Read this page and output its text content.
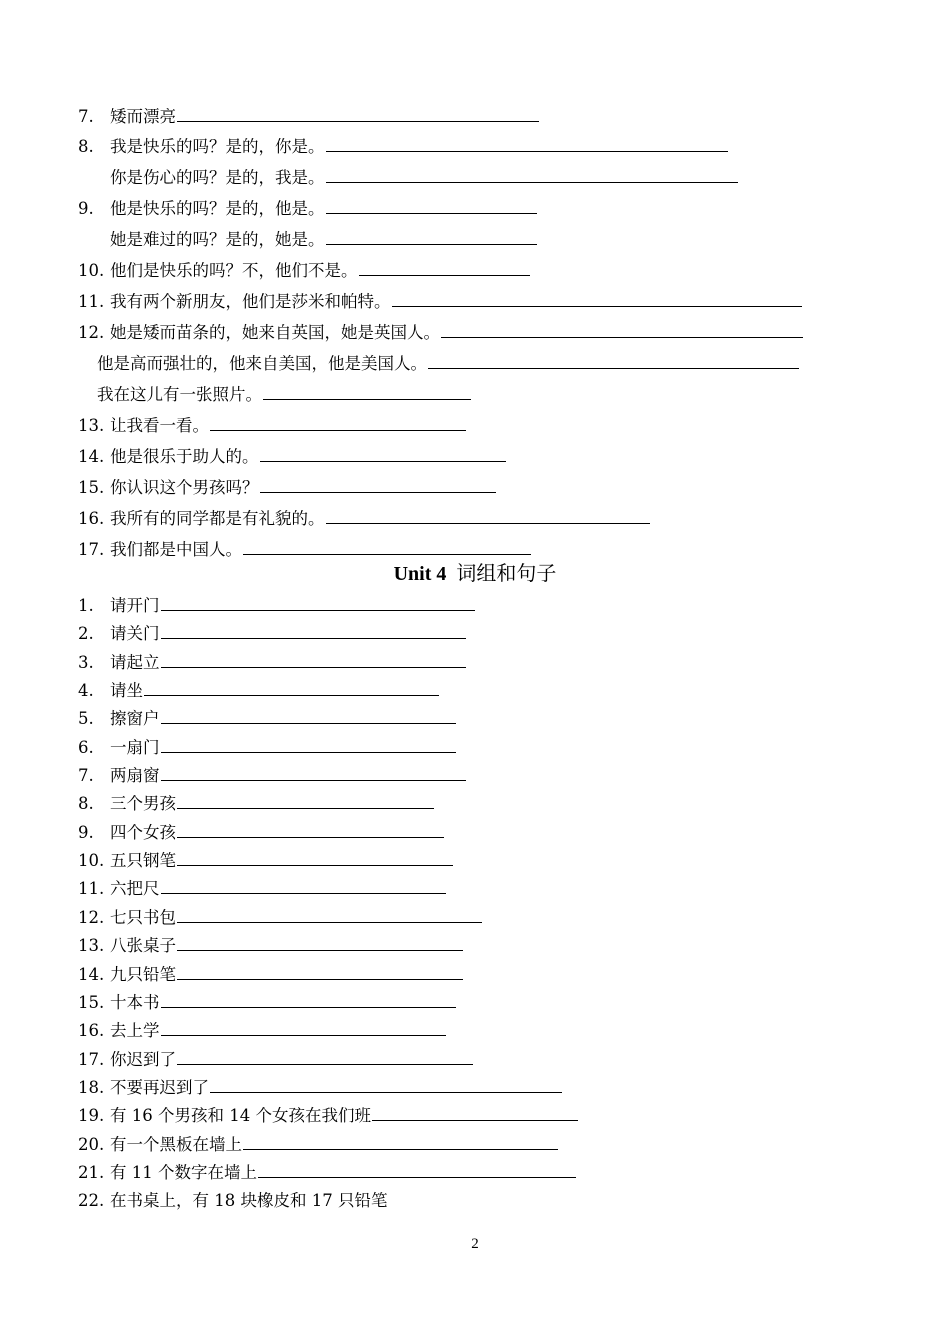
7. 矮而漂亮
8. 我是快乐的吗？是的，你是。
你是伤心的吗？是的，我是。
9. 他是快乐的吗？是的，他是。
她是难过的吗？是的，她是。
10. 他们是快乐的吗？不，他们不是。
11. 我有两个新朋友，他们是莎米和帕特。
12. 她是矮而苗条的，她来自英国，她是英国人。
他是高而强壮的，他来自美国，他是美国人。
我在这儿有一张照片。
13. 让我看一看。
14. 他是很乐于助人的。
15. 你认识这个男孩吗？
16. 我所有的同学都是有礼貌的。
17. 我们都是中国人。
Unit 4 词组和句子
1. 请开门
2. 请关门
3. 请起立
4. 请坐
5. 擦窗户
6. 一扇门
7. 两扇窗
8. 三个男孩
9. 四个女孩
10. 五只钢笔
11. 六把尺
12. 七只书包
13. 八张桌子
14. 九只铅笔
15. 十本书
16. 去上学
17. 你迟到了
18. 不要再迟到了
19. 有 16 个男孩和 14 个女孩在我们班
20. 有一个黑板在墙上
21. 有 11 个数字在墙上
22. 在书桌上，有 18 块橡皮和 17 只铅笔
2
